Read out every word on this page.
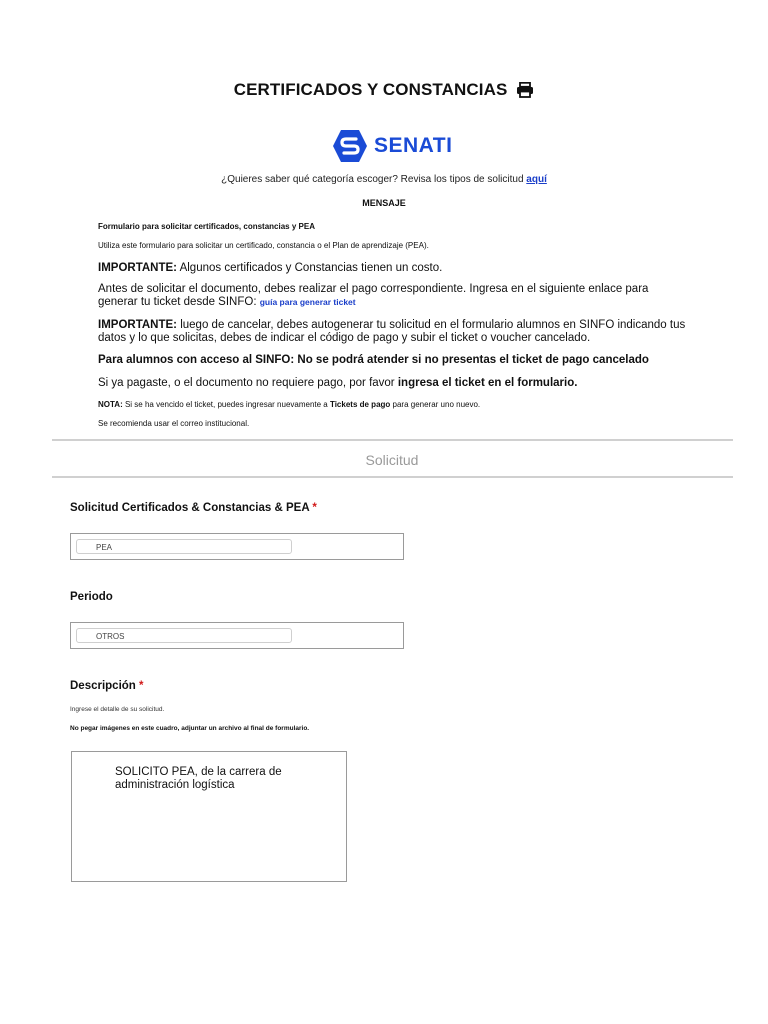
CERTIFICADOS Y CONSTANCIAS
SENATI
¿Quieres saber qué categoría escoger? Revisa los tipos de solicitud aquí
MENSAJE
Formulario para solicitar certificados, constancias y PEA
Utiliza este formulario para solicitar un certificado, constancia o el Plan de aprendizaje (PEA).
IMPORTANTE: Algunos certificados y Constancias tienen un costo.
Antes de solicitar el documento, debes realizar el pago correspondiente. Ingresa en el siguiente enlace para generar tu ticket desde SINFO: guía para generar ticket
IMPORTANTE: luego de cancelar, debes autogenerar tu solicitud en el formulario alumnos en SINFO indicando tus datos y lo que solicitas, debes de indicar el código de pago y subir el ticket o voucher cancelado.
Para alumnos con acceso al SINFO: No se podrá atender si no presentas el ticket de pago cancelado
Si ya pagaste, o el documento no requiere pago, por favor ingresa el ticket en el formulario.
NOTA: Si se ha vencido el ticket, puedes ingresar nuevamente a Tickets de pago para generar uno nuevo.
Se recomienda usar el correo institucional.
Solicitud
Solicitud Certificados & Constancias & PEA *
PEA
Periodo
OTROS
Descripción *
Ingrese el detalle de su solicitud.
No pegar imágenes en este cuadro, adjuntar un archivo al final de formulario.
SOLICITO PEA, de la carrera de administración logística
